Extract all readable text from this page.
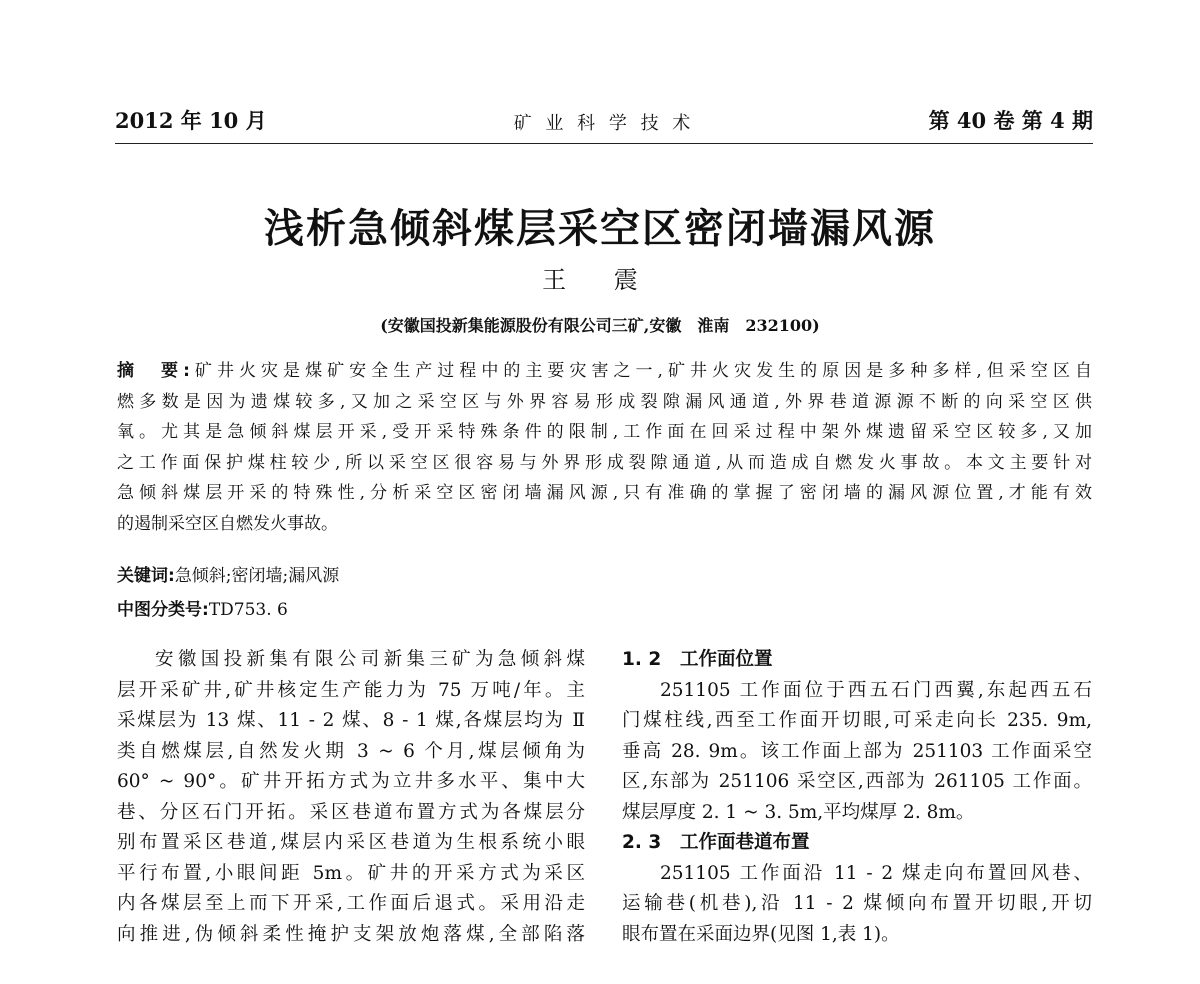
2012 年 10 月	矿 业 科 学 技 术	第 40 卷 第 4 期
浅析急倾斜煤层采空区密闭墙漏风源
王 震
(安徽国投新集能源股份有限公司三矿,安徽　淮南　232100)
摘　要:矿井火灾是煤矿安全生产过程中的主要灾害之一,矿井火灾发生的原因是多种多样,但采空区自
燃多数是因为遗煤较多,又加之采空区与外界容易形成裂隙漏风通道,外界巷道源源不断的向采空区供
氧。尤其是急倾斜煤层开采,受开采特殊条件的限制,工作面在回采过程中架外煤遗留采空区较多,又加
之工作面保护煤柱较少,所以采空区很容易与外界形成裂隙通道,从而造成自燃发火事故。本文主要针对
急倾斜煤层开采的特殊性,分析采空区密闭墙漏风源,只有准确的掌握了密闭墙的漏风源位置,才能有效
的遏制采空区自燃发火事故。
关键词:急倾斜;密闭墙;漏风源
中图分类号:TD753. 6
安徽国投新集有限公司新集三矿为急倾斜煤
层开采矿井,矿井核定生产能力为 75 万吨/年。主
采煤层为 13 煤、11 - 2 煤、8 - 1 煤,各煤层均为 Ⅱ
类自燃煤层,自然发火期 3 ~ 6 个月,煤层倾角为
60° ~ 90°。矿井开拓方式为立井多水平、集中大
巷、分区石门开拓。采区巷道布置方式为各煤层分
别布置采区巷道,煤层内采区巷道为生根系统小眼
平行布置,小眼间距 5m。矿井的开采方式为采区
内各煤层至上而下开采,工作面后退式。采用沿走
向推进,伪倾斜柔性掩护支架放炮落煤,全部陷落
1. 2 工作面位置
251105 工作面位于西五石门西翼,东起西五石
门煤柱线,西至工作面开切眼,可采走向长 235. 9m,
垂高 28. 9m。该工作面上部为 251103 工作面采空
区,东部为 251106 采空区,西部为 261105 工作面。
煤层厚度 2. 1 ~ 3. 5m,平均煤厚 2. 8m。
2. 3 工作面巷道布置
251105 工作面沿 11 - 2 煤走向布置回风巷、
运输巷(机巷),沿 11 - 2 煤倾向布置开切眼,开切
眼布置在采面边界(见图 1,表 1)。
